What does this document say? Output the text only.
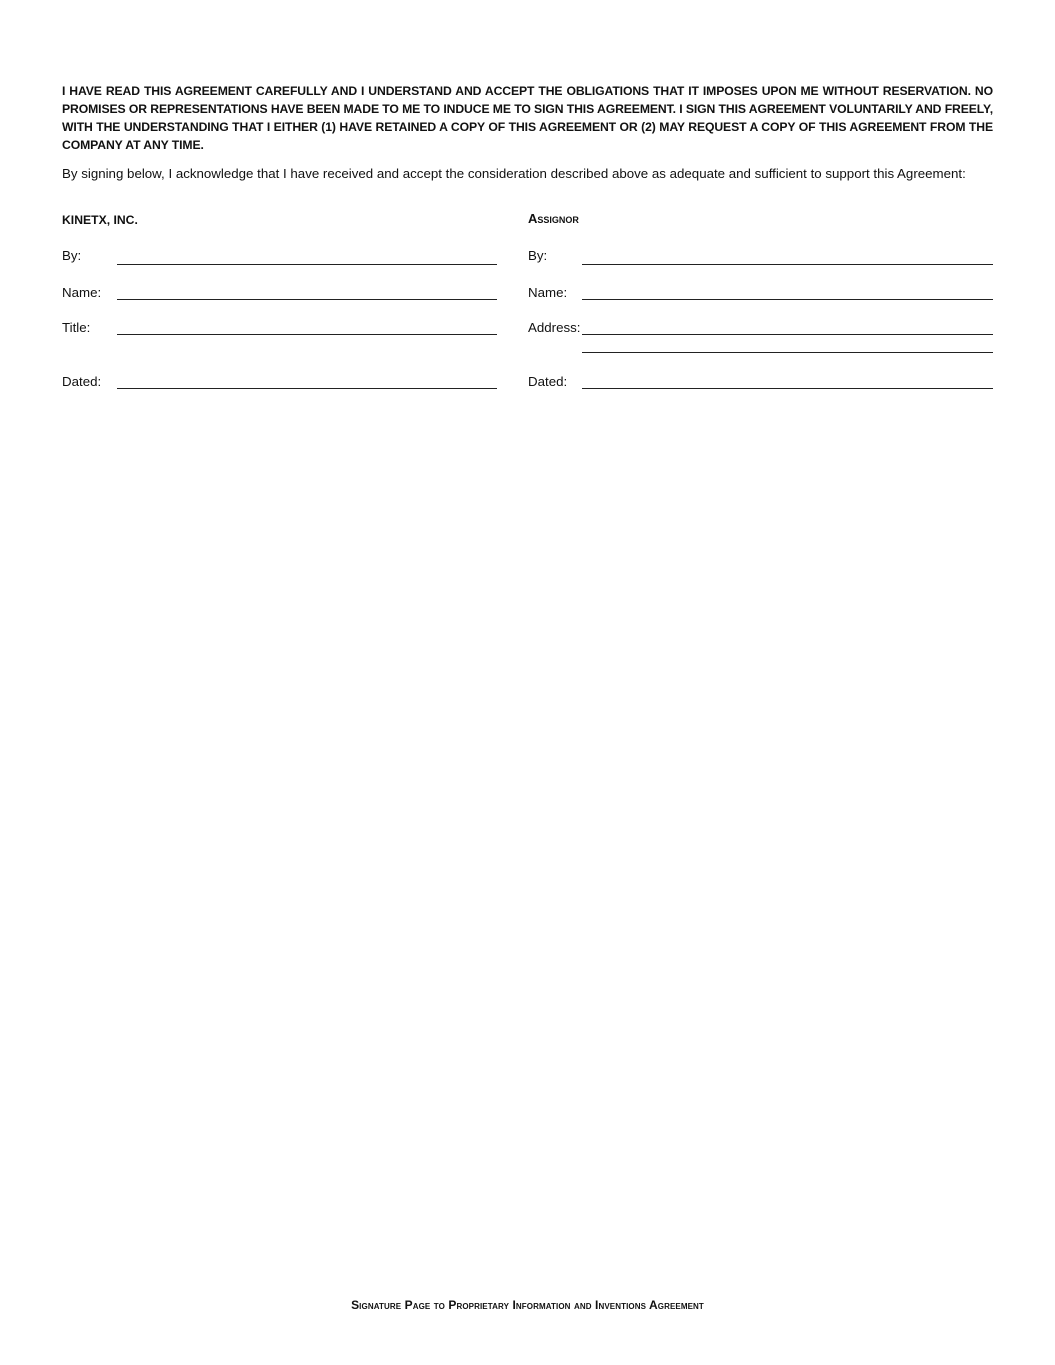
I HAVE READ THIS AGREEMENT CAREFULLY AND I UNDERSTAND AND ACCEPT THE OBLIGATIONS THAT IT IMPOSES UPON ME WITHOUT RESERVATION. NO PROMISES OR REPRESENTATIONS HAVE BEEN MADE TO ME TO INDUCE ME TO SIGN THIS AGREEMENT. I SIGN THIS AGREEMENT VOLUNTARILY AND FREELY, WITH THE UNDERSTANDING THAT I EITHER (1) HAVE RETAINED A COPY OF THIS AGREEMENT OR (2) MAY REQUEST A COPY OF THIS AGREEMENT FROM THE COMPANY AT ANY TIME.

By signing below, I acknowledge that I have received and accept the consideration described above as adequate and sufficient to support this Agreement:

KINETX, INC.
By:
Name:
Title:
Dated:
Assignor
By:
Name:
Address:
Dated:
Signature Page to Proprietary Information and Inventions Agreement
